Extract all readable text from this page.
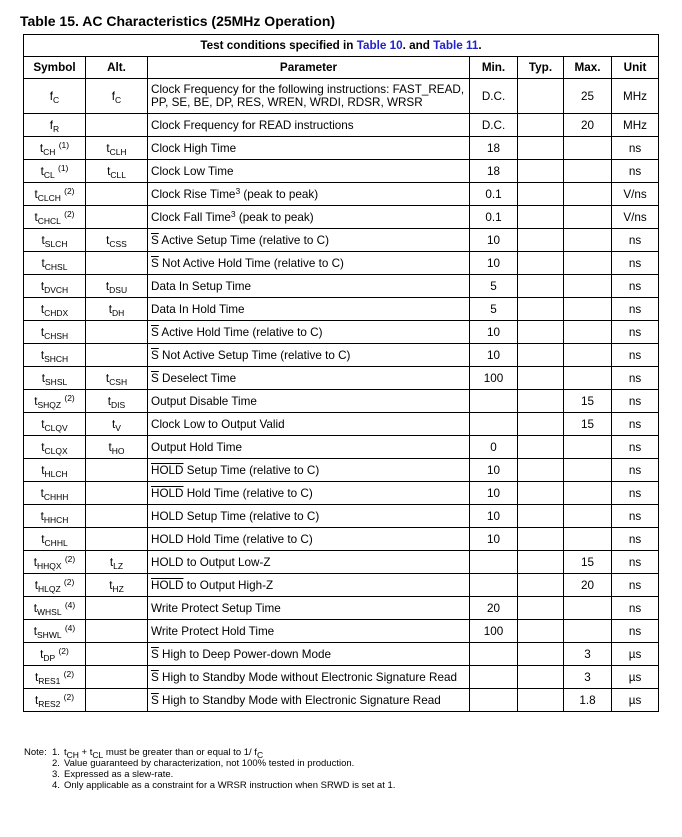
Table 15. AC Characteristics (25MHz Operation)
Test conditions specified in Table 10. and Table 11.						
Symbol	Alt.	Parameter	Min.	Typ.	Max.	Unit
$f_C$	$f_C$	Clock Frequency for the following instructions: FAST_READ,
PP, SE, BE, DP, RES, WREN, WRDI, RDSR, WRSR	D.C.		25	MHz
$f_R$		Clock Frequency for READ instructions	D.C.		20	MHz
$t_{CH}$ $^{(1)}$	$t_{CLH}$	Clock High Time	18			ns
$t_{CL}$ $^{(1)}$	$t_{CLL}$	Clock Low Time	18			ns
$t_{CLCH}$ $^{(2)}$		Clock Rise Time$^3$ (peak to peak)	0.1			V/ns
$t_{CHCL}$ $^{(2)}$		Clock Fall Time$^3$ (peak to peak)	0.1			V/ns
$t_{SLCH}$	$t_{CSS}$	$\overline{S}$ Active Setup Time (relative to C)	10			ns
$t_{CHSL}$		$\overline{S}$ Not Active Hold Time (relative to C)	10			ns
$t_{DVCH}$	$t_{DSU}$	Data In Setup Time	5			ns
$t_{CHDX}$	$t_{DH}$	Data In Hold Time	5			ns
$t_{CHSH}$		$\overline{S}$ Active Hold Time (relative to C)	10			ns
$t_{SHCH}$		$\overline{S}$ Not Active Setup Time (relative to C)	10			ns
$t_{SHSL}$	$t_{CSH}$	$\overline{S}$ Deselect Time	100			ns
$t_{SHQZ}$ $^{(2)}$	$t_{DIS}$	Output Disable Time			15	ns
$t_{CLQV}$	$t_V$	Clock Low to Output Valid			15	ns
$t_{CLQX}$	$t_{HO}$	Output Hold Time	0			ns
$t_{HLCH}$		HOLD Setup Time (relative to C)	10			ns
$t_{CHHH}$		HOLD Hold Time (relative to C)	10			ns
$t_{HHCH}$		HOLD Setup Time (relative to C)	10			ns
$t_{CHHL}$		HOLD Hold Time (relative to C)	10			ns
$t_{HHQX}$ $^{(2)}$	$t_{LZ}$	HOLD to Output Low-Z			15	ns
$t_{HLQZ}$ $^{(2)}$	$t_{HZ}$	HOLD to Output High-Z			20	ns
$t_{WHSL}$ $^{(4)}$		Write Protect Setup Time	20			ns
$t_{SHWL}$ $^{(4)}$		Write Protect Hold Time	100			ns
$t_{DP}$ $^{(2)}$		$\overline{S}$ High to Deep Power-down Mode			3	µs
$t_{RES1}$ $^{(2)}$		$\overline{S}$ High to Standby Mode without Electronic Signature Read			3	µs
$t_{RES2}$ $^{(2)}$		$\overline{S}$ High to Standby Mode with Electronic Signature Read			1.8	µs
Note: 1. $t_{CH} + t_{CL}$ must be greater than or equal to 1/ $f_C$
2. Value guaranteed by characterization, not 100% tested in production.
3. Expressed as a slew-rate.
4. Only applicable as a constraint for a WRSR instruction when SRWD is set at 1.
